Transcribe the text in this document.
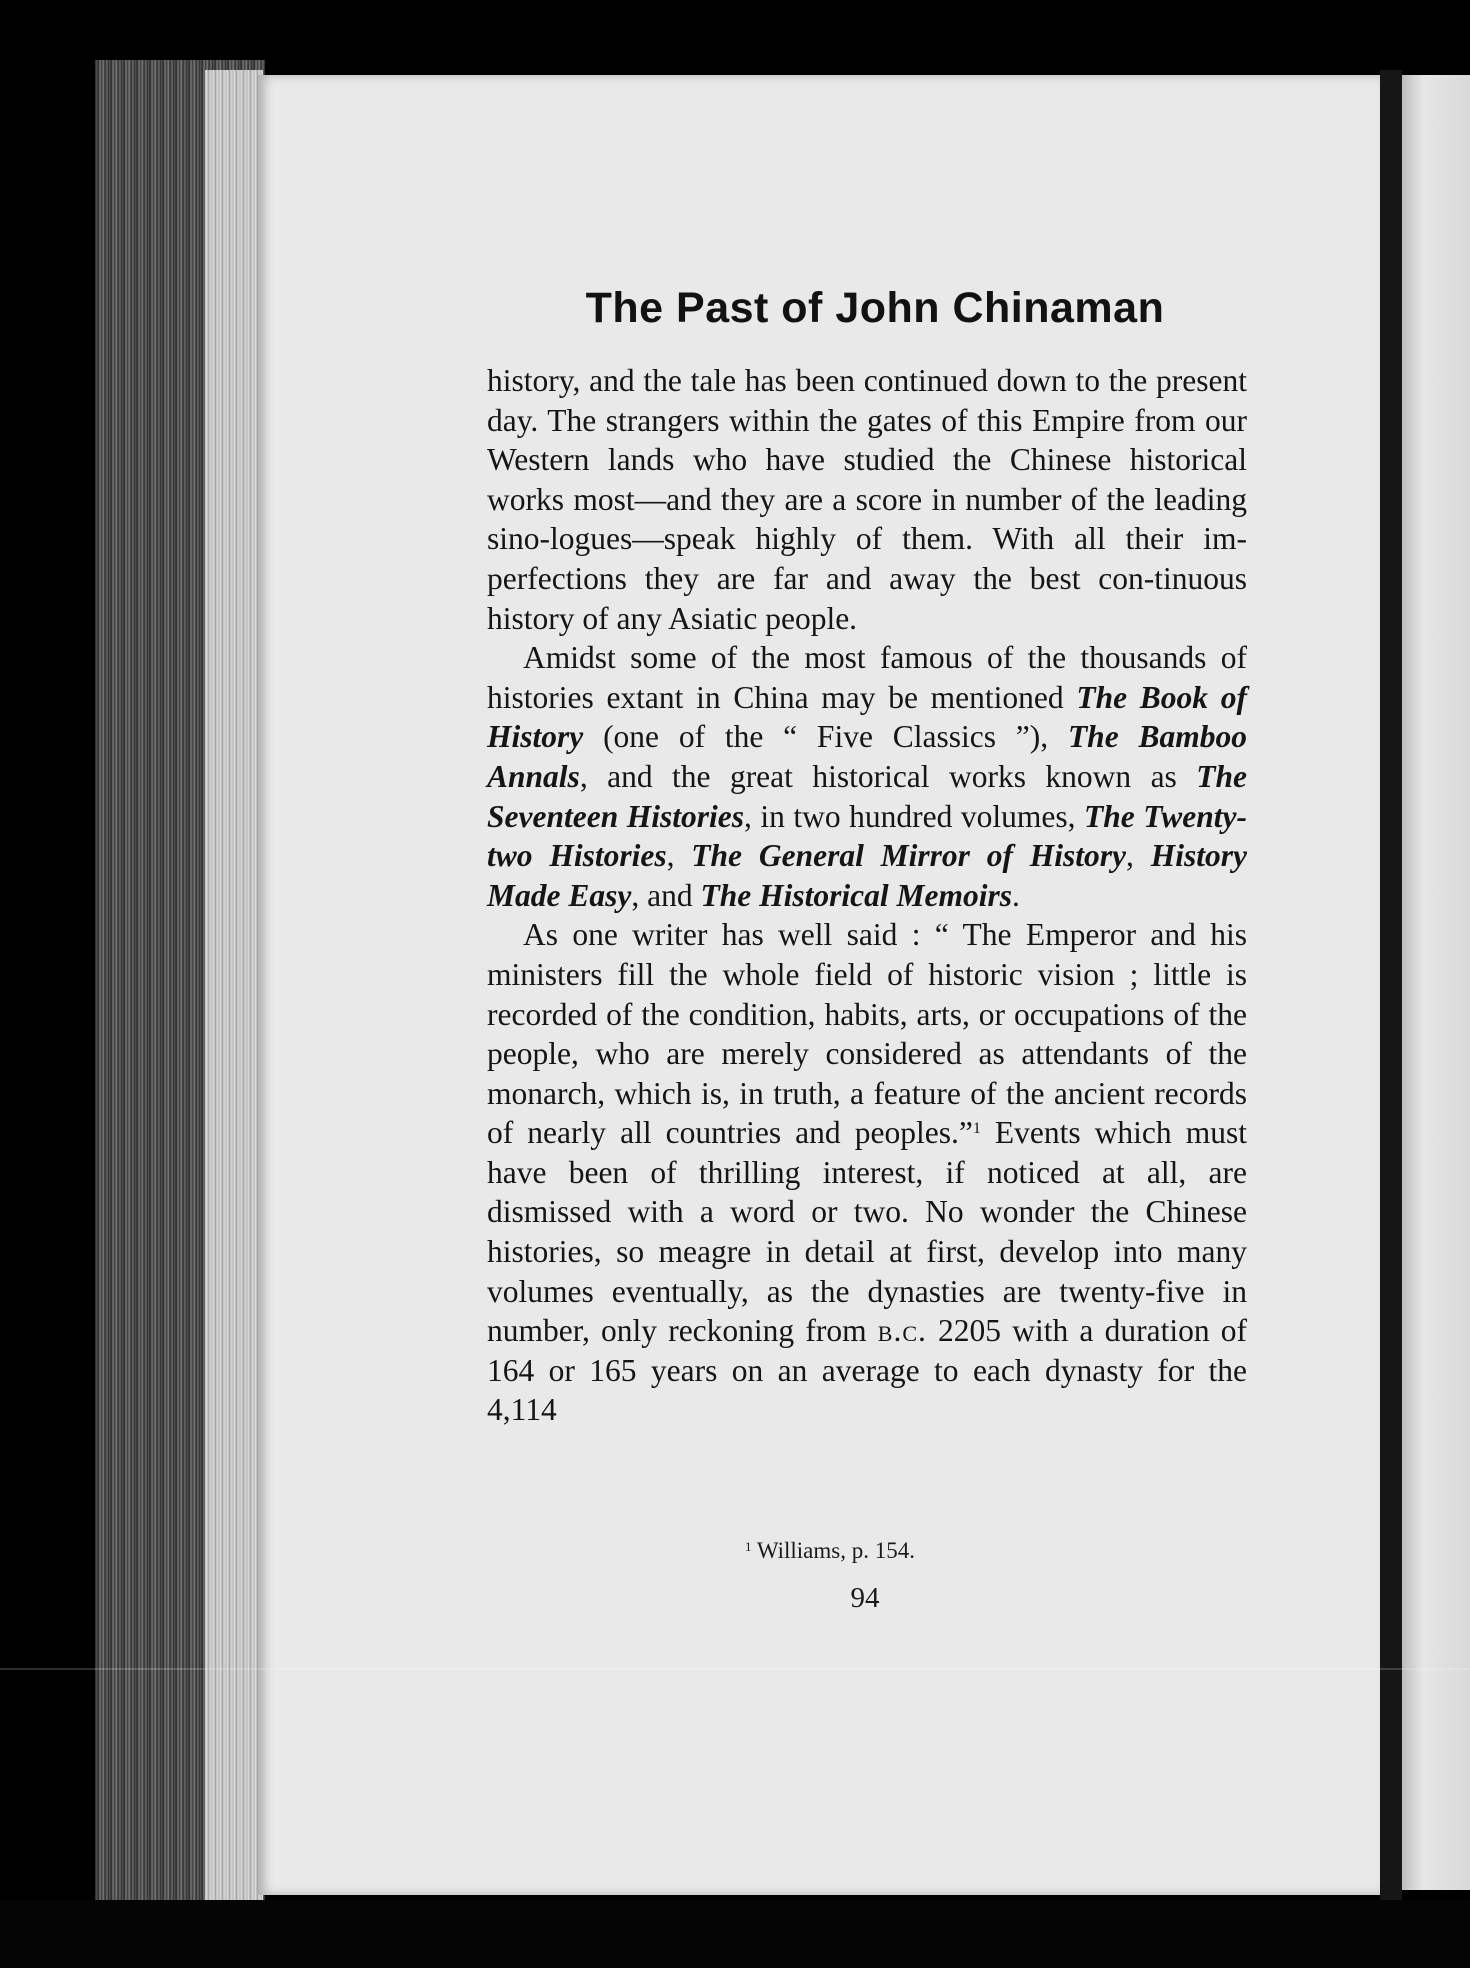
The Past of John Chinaman

history, and the tale has been continued down to the present day. The strangers within the gates of this Empire from our Western lands who have studied the Chinese historical works most—and they are a score in number of the leading sino-logues—speak highly of them. With all their im-perfections they are far and away the best con-tinuous history of any Asiatic people.

Amidst some of the most famous of the thousands of histories extant in China may be mentioned The Book of History (one of the “ Five Classics ”), The Bamboo Annals, and the great historical works known as The Seventeen Histories, in two hundred volumes, The Twenty-two Histories, The General Mirror of History, History Made Easy, and The Historical Memoirs.

As one writer has well said : “ The Emperor and his ministers fill the whole field of historic vision ; little is recorded of the condition, habits, arts, or occupations of the people, who are merely considered as attendants of the monarch, which is, in truth, a feature of the ancient records of nearly all countries and peoples.”$^1$ Events which must have been of thrilling interest, if noticed at all, are dismissed with a word or two. No wonder the Chinese histories, so meagre in detail at first, develop into many volumes eventually, as the dynasties are twenty-five in number, only reckoning from b.c. 2205 with a duration of 164 or 165 years on an average to each dynasty for the 4,114

$^1$ Williams, p. 154.
94
